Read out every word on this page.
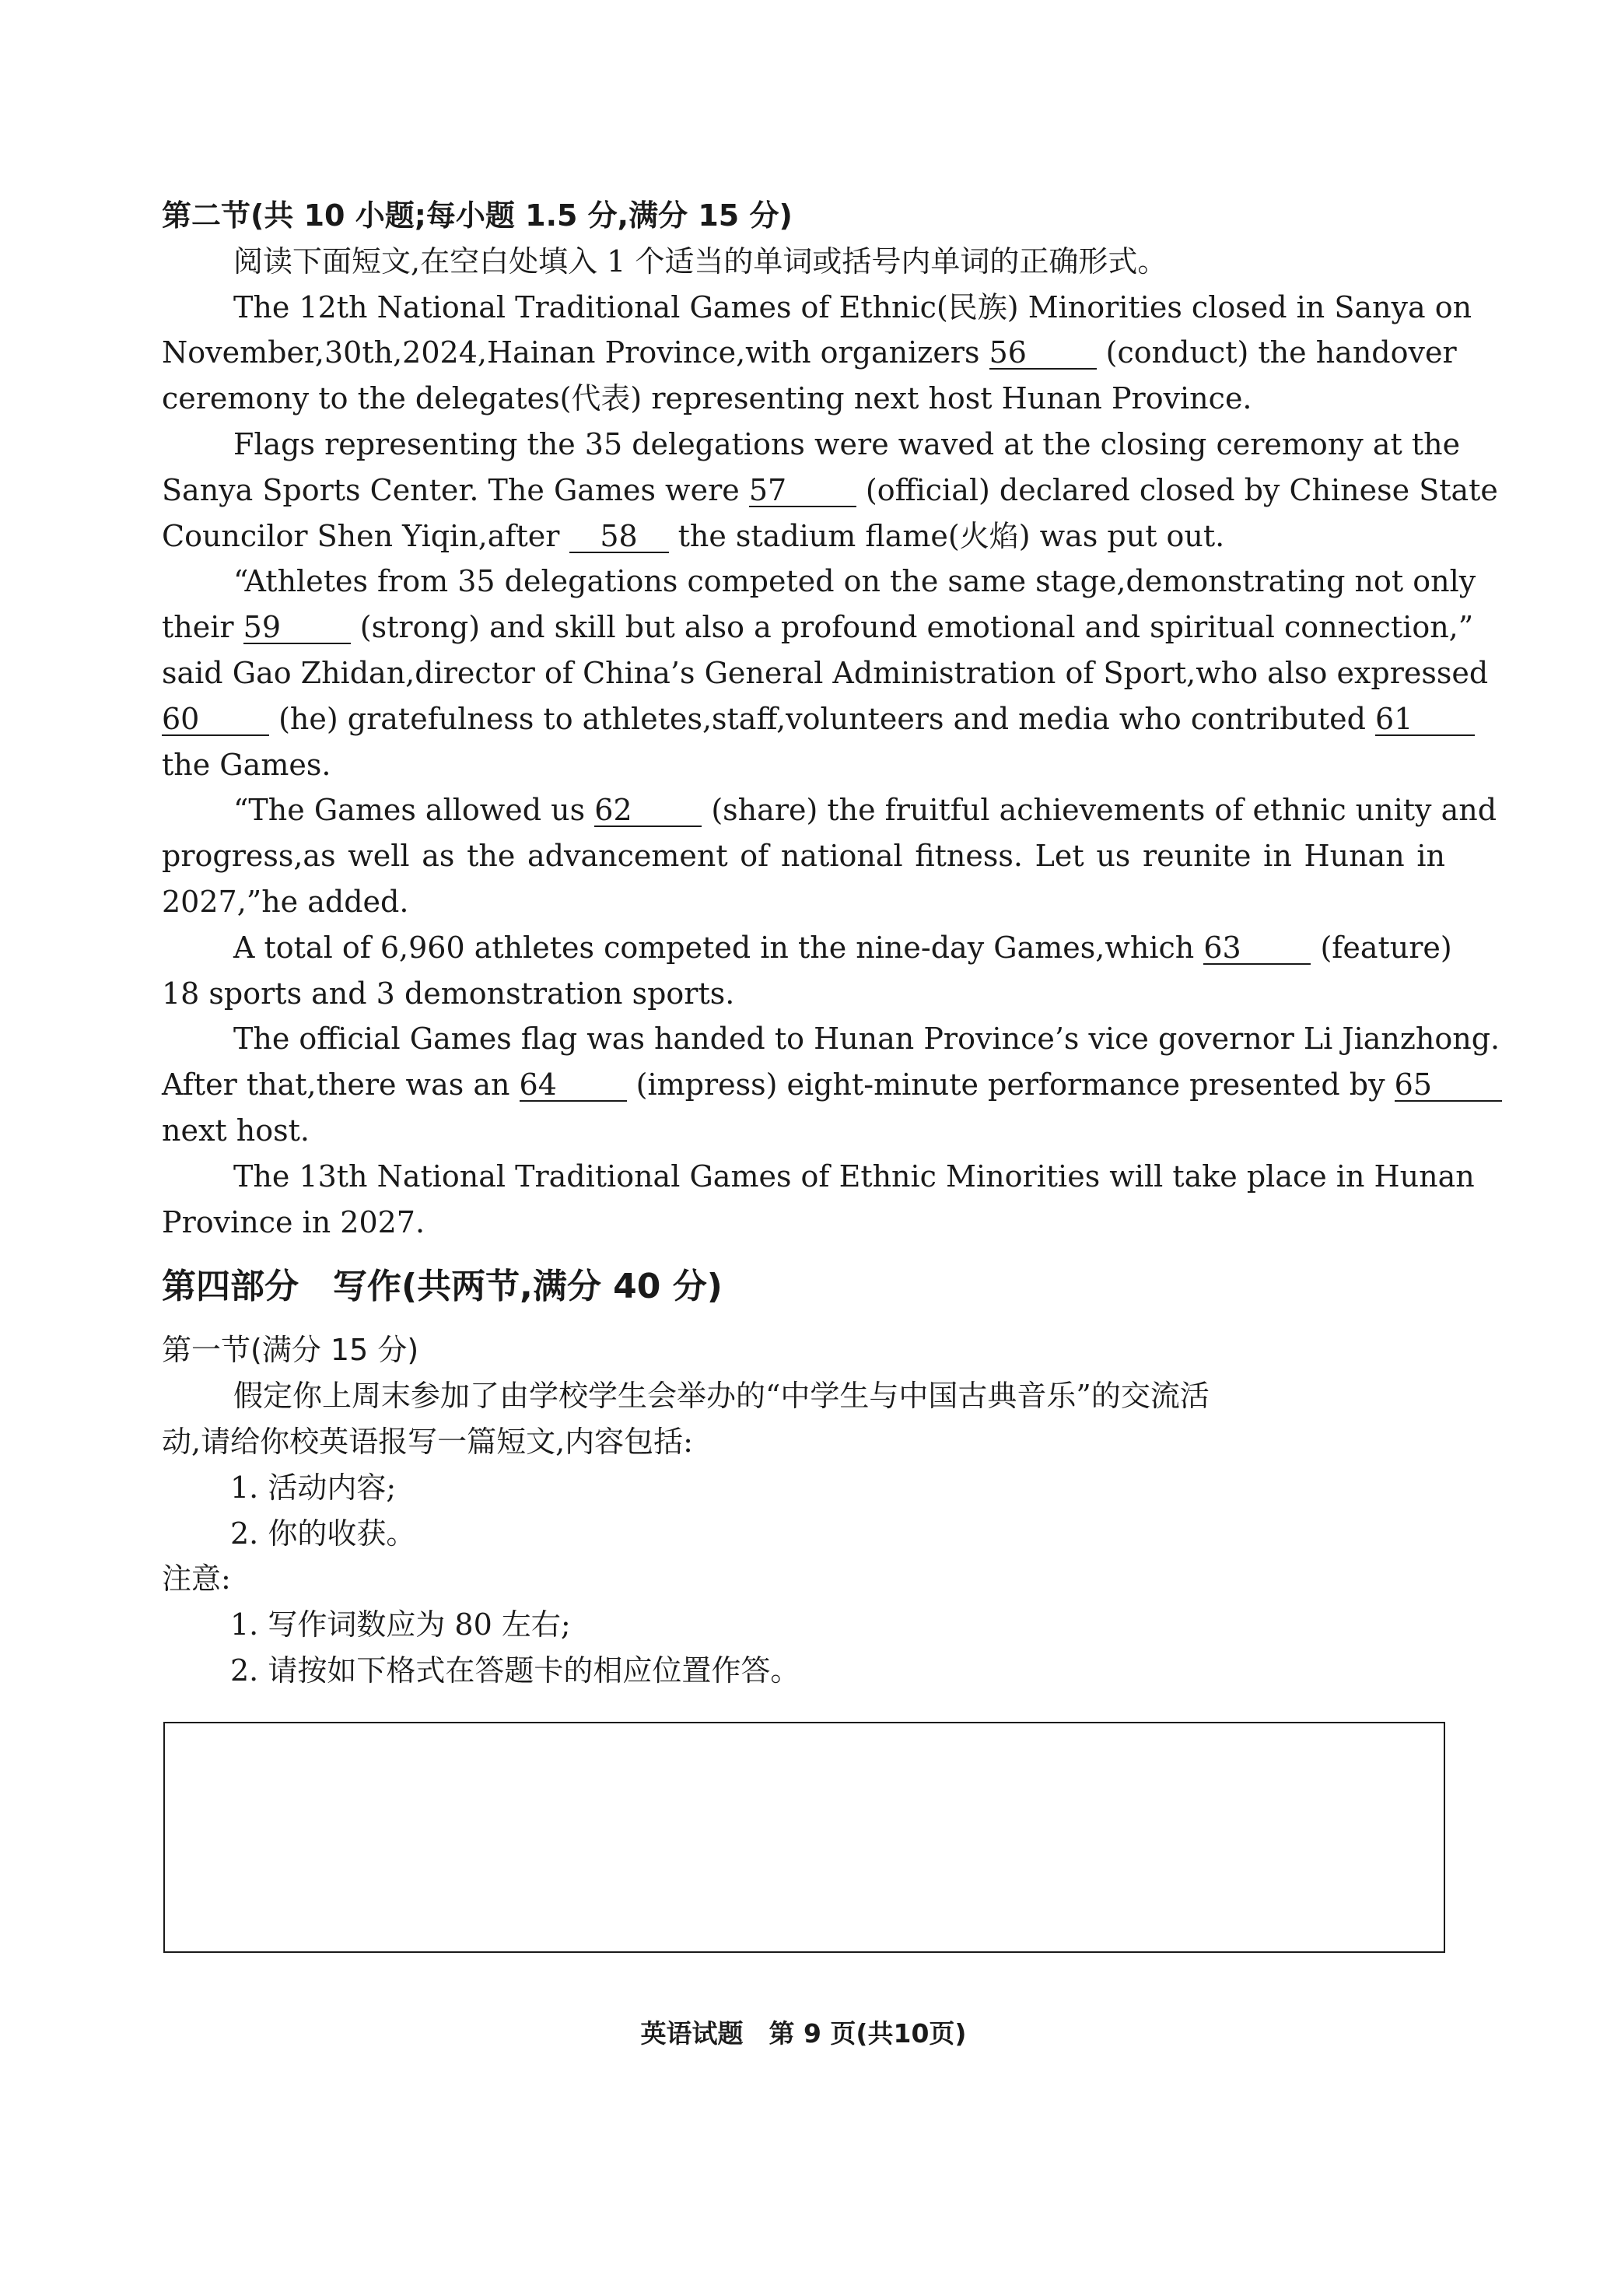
第二节(共 10 小题;每小题 1.5 分,满分 15 分)
阅读下面短文,在空白处填入 1 个适当的单词或括号内单词的正确形式。
The 12th National Traditional Games of Ethnic(民族) Minorities closed in Sanya on
November,30th,2024,Hainan Province,with organizers 56	(conduct) the handover
ceremony to the delegates(代表) representing next host Hunan Province.
Flags representing the 35 delegations were waved at the closing ceremony at the
Sanya Sports Center. The Games were 57	(official) declared closed by Chinese State
Councilor Shen Yiqin,after 58 the stadium flame(火焰) was put out.
“Athletes from 35 delegations competed on the same stage,demonstrating not only
their 59	(strong) and skill but also a profound emotional and spiritual connection,”
said Gao Zhidan,director of China’s General Administration of Sport,who also expressed
60	(he) gratefulness to athletes,staff,volunteers and media who contributed 61
the Games.
“The Games allowed us 62	(share) the fruitful achievements of ethnic unity and
progress,as well as the advancement of national fitness. Let us reunite in Hunan in
2027,”he added.
A total of 6,960 athletes competed in the nine-day Games,which 63	(feature)
18 sports and 3 demonstration sports.
The official Games flag was handed to Hunan Province’s vice governor Li Jianzhong.
After that,there was an 64	(impress) eight-minute performance presented by 65
next host.
The 13th National Traditional Games of Ethnic Minorities will take place in Hunan
Province in 2027.
第四部分　写作(共两节,满分 40 分)
第一节(满分 15 分)
假定你上周末参加了由学校学生会举办的“中学生与中国古典音乐”的交流活
动,请给你校英语报写一篇短文,内容包括:
1. 活动内容;
2. 你的收获。
注意:
1. 写作词数应为 80 左右;
2. 请按如下格式在答题卡的相应位置作答。
英语试题　第 9 页(共10页)
